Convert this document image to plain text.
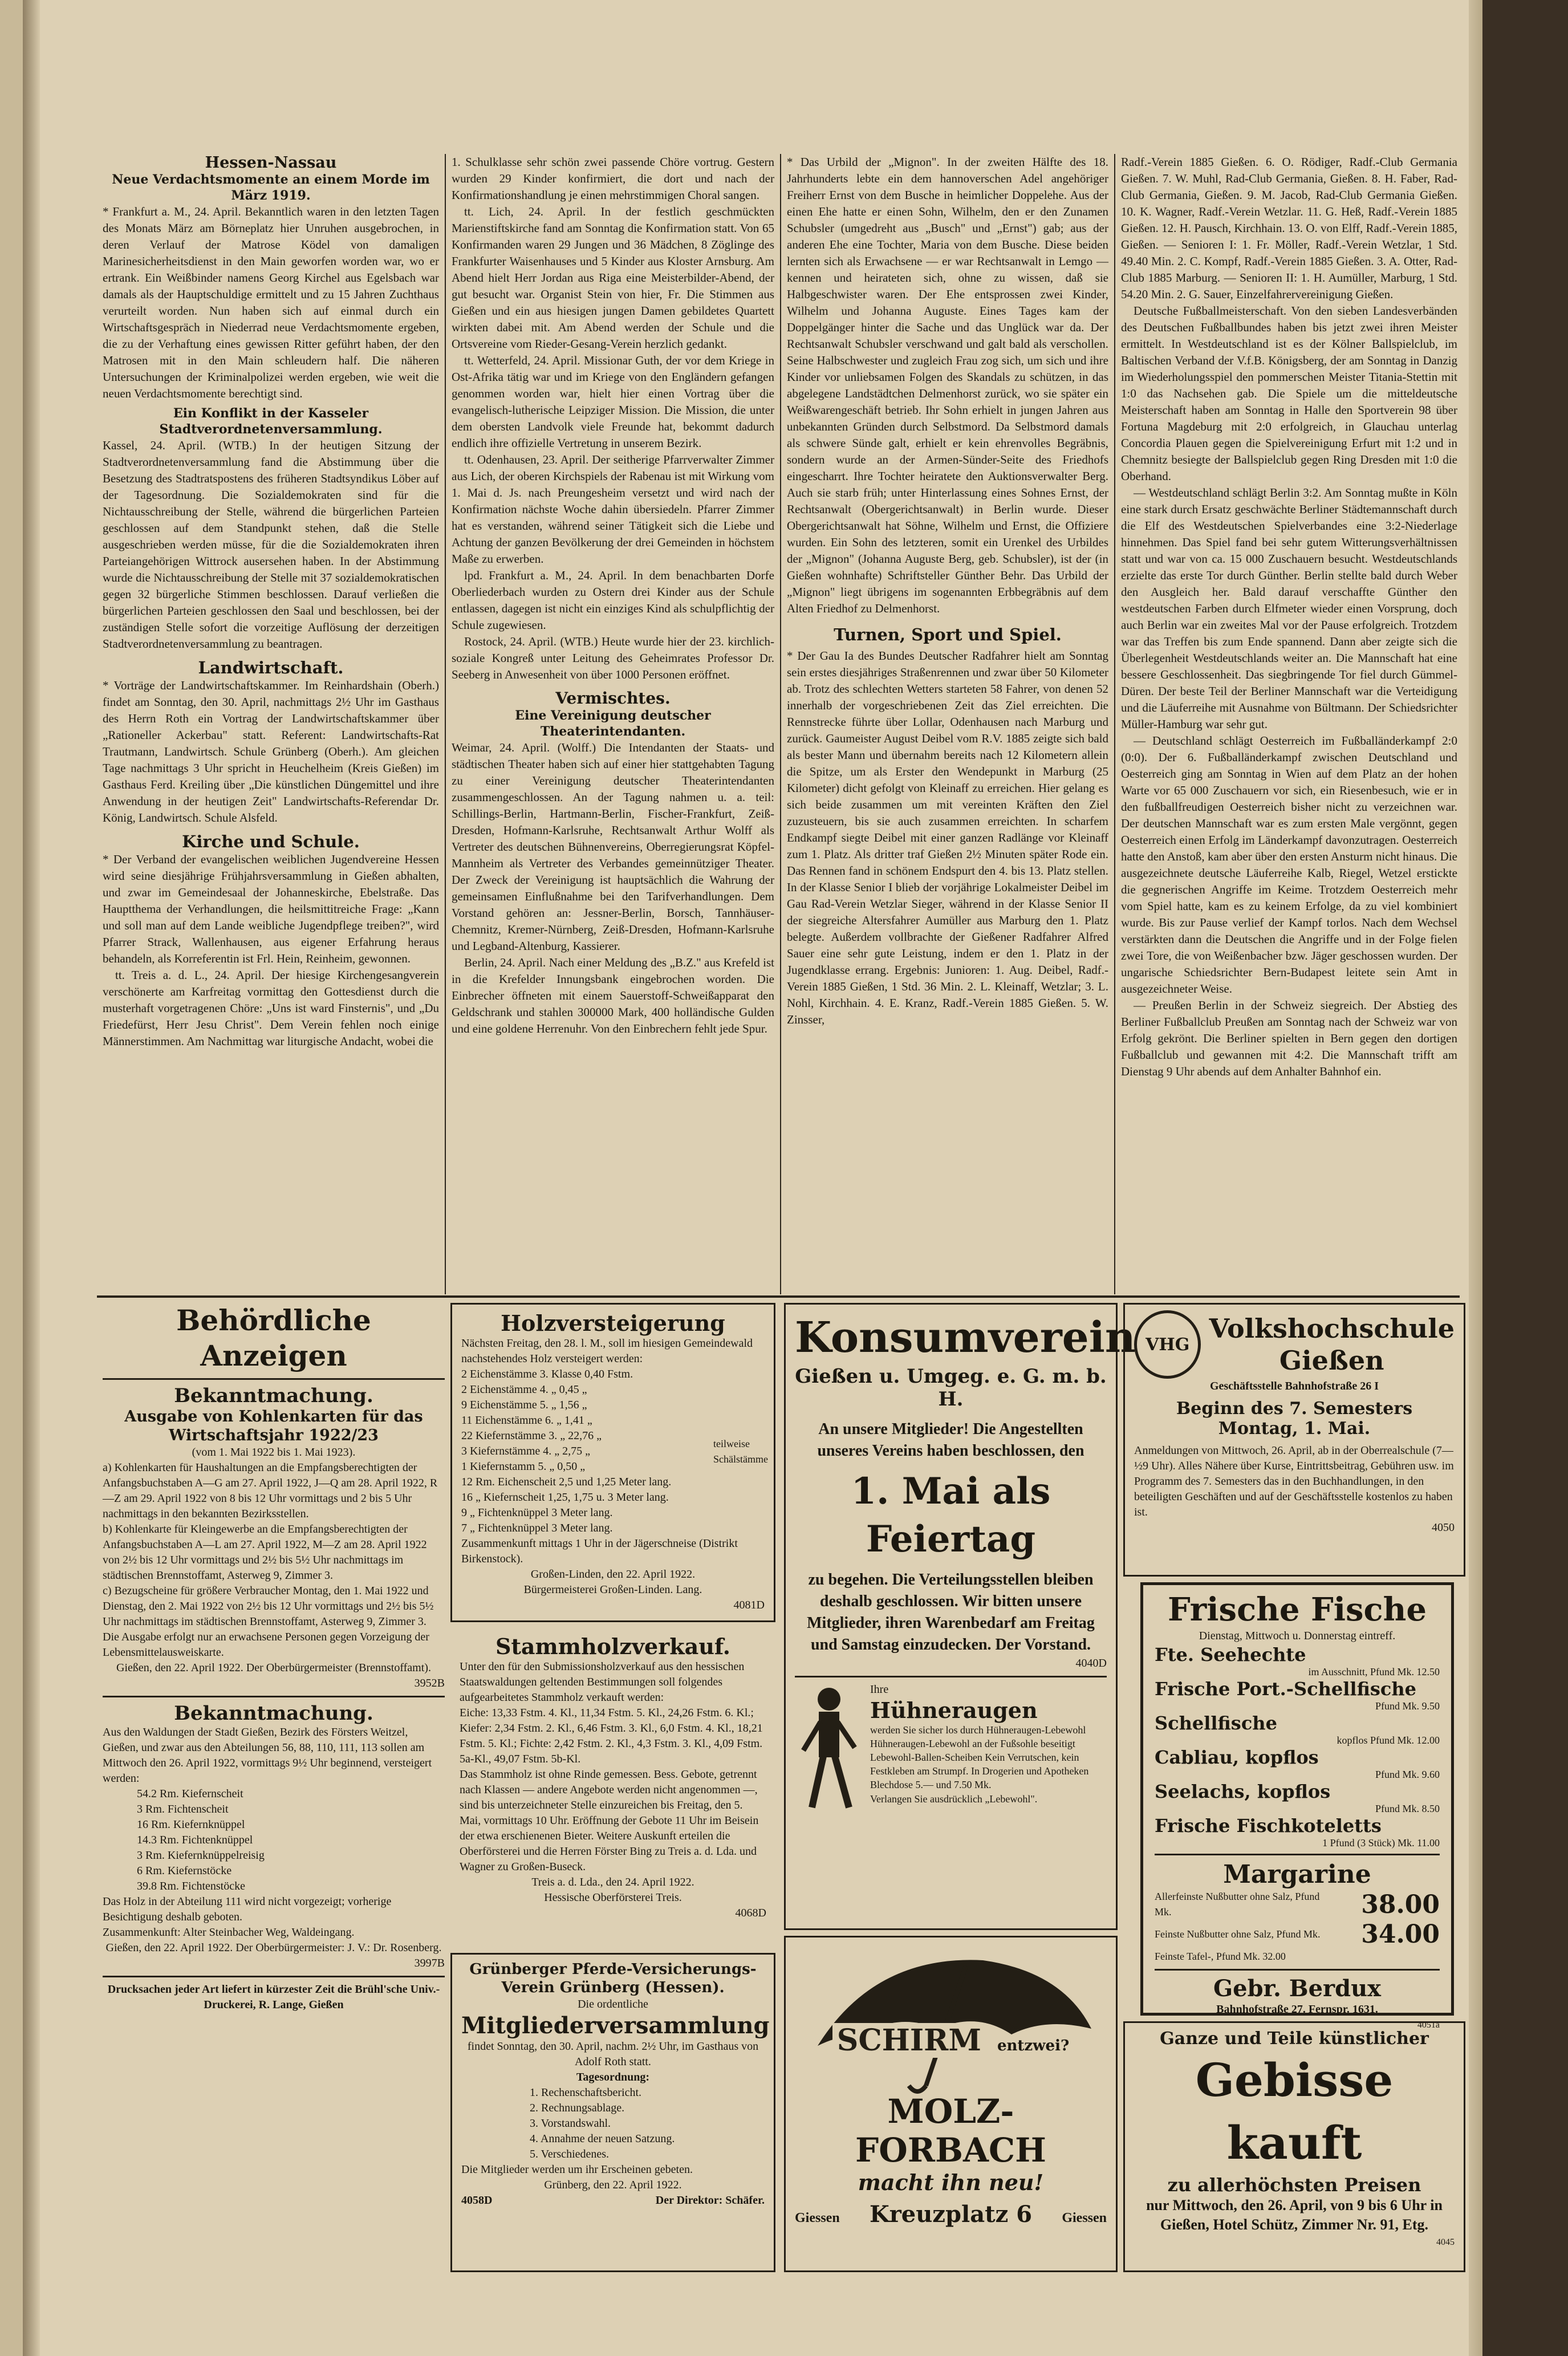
Hessen-Nassau
Neue Verdachtsmomente an einem Morde im März 1919.

* Frankfurt a. M., 24. April. Bekanntlich waren in den letzten Tagen des Monats März am Börneplatz hier Unruhen ausgebrochen, in deren Verlauf der Matrose Ködel von damaligen Marinesicherheitsdienst in den Main geworfen worden war, wo er ertrank. Ein Weißbinder namens Georg Kirchel aus Egelsbach war damals als der Hauptschuldige ermittelt und zu 15 Jahren Zuchthaus verurteilt worden. Nun haben sich auf einmal durch ein Wirtschaftsgespräch in Niederrad neue Verdachtsmomente ergeben, die zu der Verhaftung eines gewissen Ritter geführt haben, der den Matrosen mit in den Main schleudern half. Die näheren Untersuchungen der Kriminalpolizei werden ergeben, wie weit die neuen Verdachtsmomente berechtigt sind.

Ein Konflikt in der Kasseler Stadtverordnetenversammlung.

Kassel, 24. April. (WTB.) In der heutigen Sitzung der Stadtverordnetenversammlung fand die Abstimmung über die Besetzung des Stadtratspostens des früheren Stadtsyndikus Löber auf der Tagesordnung. Die Sozialdemokraten sind für die Nichtausschreibung der Stelle, während die bürgerlichen Parteien geschlossen auf dem Standpunkt stehen, daß die Stelle ausgeschrieben werden müsse, für die die Sozialdemokraten ihren Parteiangehörigen Wittrock ausersehen haben. In der Abstimmung wurde die Nichtausschreibung der Stelle mit 37 sozialdemokratischen gegen 32 bürgerliche Stimmen beschlossen. Darauf verließen die bürgerlichen Parteien geschlossen den Saal und beschlossen, bei der zuständigen Stelle sofort die vorzeitige Auflösung der derzeitigen Stadtverordnetenversammlung zu beantragen.

Landwirtschaft.

* Vorträge der Landwirtschaftskammer. Im Reinhardshain (Oberh.) findet am Sonntag, den 30. April, nachmittags 2½ Uhr im Gasthaus des Herrn Roth ein Vortrag der Landwirtschaftskammer über „Rationeller Ackerbau" statt. Referent: Landwirtschafts-Rat Trautmann, Landwirtsch. Schule Grünberg (Oberh.). Am gleichen Tage nachmittags 3 Uhr spricht in Heuchelheim (Kreis Gießen) im Gasthaus Ferd. Kreiling über „Die künstlichen Düngemittel und ihre Anwendung in der heutigen Zeit" Landwirtschafts-Referendar Dr. König, Landwirtsch. Schule Alsfeld.

Kirche und Schule.

* Der Verband der evangelischen weiblichen Jugendvereine Hessen wird seine diesjährige Frühjahrsversammlung in Gießen abhalten, und zwar im Gemeindesaal der Johanneskirche, Ebelstraße. Das Hauptthema der Verhandlungen, die heilsmittitreiche Frage: „Kann und soll man auf dem Lande weibliche Jugendpflege treiben?", wird Pfarrer Strack, Wallenhausen, aus eigener Erfahrung heraus behandeln, als Korreferentin ist Frl. Hein, Reinheim, gewonnen.

tt. Treis a. d. L., 24. April. Der hiesige Kirchengesangverein verschönerte am Karfreitag vormittag den Gottesdienst durch die musterhaft vorgetragenen Chöre: „Uns ist ward Finsternis", und „Du Friedefürst, Herr Jesu Christ". Dem Verein fehlen noch einige Männerstimmen. Am Nachmittag war liturgische Andacht, wobei die

1. Schulklasse sehr schön zwei passende Chöre vortrug. Gestern wurden 29 Kinder konfirmiert, die dort und nach der Konfirmationshandlung je einen mehrstimmigen Choral sangen.

tt. Lich, 24. April. In der festlich geschmückten Marienstiftskirche fand am Sonntag die Konfirmation statt. Von 65 Konfirmanden waren 29 Jungen und 36 Mädchen, 8 Zöglinge des Frankfurter Waisenhauses und 5 Kinder aus Kloster Arnsburg. Am Abend hielt Herr Jordan aus Riga eine Meisterbilder-Abend, der gut besucht war. Organist Stein von hier, Fr. Die Stimmen aus Gießen und ein aus hiesigen jungen Damen gebildetes Quartett wirkten dabei mit. Am Abend werden der Schule und die Ortsvereine vom Rieder-Gesang-Verein herzlich gedankt.

tt. Wetterfeld, 24. April. Missionar Guth, der vor dem Kriege in Ost-Afrika tätig war und im Kriege von den Engländern gefangen genommen worden war, hielt hier einen Vortrag über die evangelisch-lutherische Leipziger Mission. Die Mission, die unter dem obersten Landvolk viele Freunde hat, bekommt dadurch endlich ihre offizielle Vertretung in unserem Bezirk.

tt. Odenhausen, 23. April. Der seitherige Pfarrverwalter Zimmer aus Lich, der oberen Kirchspiels der Rabenau ist mit Wirkung vom 1. Mai d. Js. nach Preungesheim versetzt und wird nach der Konfirmation nächste Woche dahin übersiedeln. Pfarrer Zimmer hat es verstanden, während seiner Tätigkeit sich die Liebe und Achtung der ganzen Bevölkerung der drei Gemeinden in höchstem Maße zu erwerben.

lpd. Frankfurt a. M., 24. April. In dem benachbarten Dorfe Oberliederbach wurden zu Ostern drei Kinder aus der Schule entlassen, dagegen ist nicht ein einziges Kind als schulpflichtig der Schule zugewiesen.

Rostock, 24. April. (WTB.) Heute wurde hier der 23. kirchlich-soziale Kongreß unter Leitung des Geheimrates Professor Dr. Seeberg in Anwesenheit von über 1000 Personen eröffnet.

Vermischtes.
Eine Vereinigung deutscher Theaterintendanten.

Weimar, 24. April. (Wolff.) Die Intendanten der Staats- und städtischen Theater haben sich auf einer hier stattgehabten Tagung zu einer Vereinigung deutscher Theaterintendanten zusammengeschlossen. An der Tagung nahmen u. a. teil: Schillings-Berlin, Hartmann-Berlin, Fischer-Frankfurt, Zeiß-Dresden, Hofmann-Karlsruhe, Rechtsanwalt Arthur Wolff als Vertreter des deutschen Bühnenvereins, Oberregierungsrat Köpfel-Mannheim als Vertreter des Verbandes gemeinnütziger Theater. Der Zweck der Vereinigung ist hauptsächlich die Wahrung der gemeinsamen Einflußnahme bei den Tarifverhandlungen. Dem Vorstand gehören an: Jessner-Berlin, Borsch, Tannhäuser-Chemnitz, Kremer-Nürnberg, Zeiß-Dresden, Hofmann-Karlsruhe und Legband-Altenburg, Kassierer.

Berlin, 24. April. Nach einer Meldung des „B.Z." aus Krefeld ist in die Krefelder Innungsbank eingebrochen worden. Die Einbrecher öffneten mit einem Sauerstoff-Schweißapparat den Geldschrank und stahlen 300000 Mark, 400 holländische Gulden und eine goldene Herrenuhr. Von den Einbrechern fehlt jede Spur.

* Das Urbild der „Mignon". In der zweiten Hälfte des 18. Jahrhunderts lebte ein dem hannoverschen Adel angehöriger Freiherr Ernst von dem Busche in heimlicher Doppelehe. Aus der einen Ehe hatte er einen Sohn, Wilhelm, den er den Zunamen Schubsler (umgedreht aus „Busch" und „Ernst") gab; aus der anderen Ehe eine Tochter, Maria von dem Busche. Diese beiden lernten sich als Erwachsene — er war Rechtsanwalt in Lemgo — kennen und heirateten sich, ohne zu wissen, daß sie Halbgeschwister waren. Der Ehe entsprossen zwei Kinder, Wilhelm und Johanna Auguste. Eines Tages kam der Doppelgänger hinter die Sache und das Unglück war da. Der Rechtsanwalt Schubsler verschwand und galt bald als verschollen. Seine Halbschwester und zugleich Frau zog sich, um sich und ihre Kinder vor unliebsamen Folgen des Skandals zu schützen, in das abgelegene Landstädtchen Delmenhorst zurück, wo sie später ein Weißwarengeschäft betrieb. Ihr Sohn erhielt in jungen Jahren aus unbekannten Gründen durch Selbstmord. Da Selbstmord damals als schwere Sünde galt, erhielt er kein ehrenvolles Begräbnis, sondern wurde an der Armen-Sünder-Seite des Friedhofs eingescharrt. Ihre Tochter heiratete den Auktionsverwalter Berg. Auch sie starb früh; unter Hinterlassung eines Sohnes Ernst, der Rechtsanwalt (Obergerichtsanwalt) in Berlin wurde. Dieser Obergerichtsanwalt hat Söhne, Wilhelm und Ernst, die Offiziere wurden. Ein Sohn des letzteren, somit ein Urenkel des Urbildes der „Mignon" (Johanna Auguste Berg, geb. Schubsler), ist der (in Gießen wohnhafte) Schriftsteller Günther Behr. Das Urbild der „Mignon" liegt übrigens im sogenannten Erbbegräbnis auf dem Alten Friedhof zu Delmenhorst.

Turnen, Sport und Spiel.

* Der Gau Ia des Bundes Deutscher Radfahrer hielt am Sonntag sein erstes diesjähriges Straßenrennen und zwar über 50 Kilometer ab. Trotz des schlechten Wetters starteten 58 Fahrer, von denen 52 innerhalb der vorgeschriebenen Zeit das Ziel erreichten. Die Rennstrecke führte über Lollar, Odenhausen nach Marburg und zurück. Gaumeister August Deibel vom R.V. 1885 zeigte sich bald als bester Mann und übernahm bereits nach 12 Kilometern allein die Spitze, um als Erster den Wendepunkt in Marburg (25 Kilometer) dicht gefolgt von Kleinaff zu erreichen. Hier gelang es sich beide zusammen um mit vereinten Kräften den Ziel zuzusteuern, bis sie auch zusammen erreichten. In scharfem Endkampf siegte Deibel mit einer ganzen Radlänge vor Kleinaff zum 1. Platz. Als dritter traf Gießen 2½ Minuten später Rode ein. Das Rennen fand in schönem Endspurt den 4. bis 13. Platz stellen. In der Klasse Senior I blieb der vorjährige Lokalmeister Deibel im Gau Rad-Verein Wetzlar Sieger, während in der Klasse Senior II der siegreiche Altersfahrer Aumüller aus Marburg den 1. Platz belegte. Außerdem vollbrachte der Gießener Radfahrer Alfred Sauer eine sehr gute Leistung, indem er den 1. Platz in der Jugendklasse errang. Ergebnis: Junioren: 1. Aug. Deibel, Radf.-Verein 1885 Gießen, 1 Std. 36 Min. 2. L. Kleinaff, Wetzlar; 3. L. Nohl, Kirchhain. 4. E. Kranz, Radf.-Verein 1885 Gießen. 5. W. Zinsser,

Radf.-Verein 1885 Gießen. 6. O. Rödiger, Radf.-Club Germania Gießen. 7. W. Muhl, Rad-Club Germania, Gießen. 8. H. Faber, Rad-Club Germania, Gießen. 9. M. Jacob, Rad-Club Germania Gießen. 10. K. Wagner, Radf.-Verein Wetzlar. 11. G. Heß, Radf.-Verein 1885 Gießen. 12. H. Pausch, Kirchhain. 13. O. von Elff, Radf.-Verein 1885, Gießen. — Senioren I: 1. Fr. Möller, Radf.-Verein Wetzlar, 1 Std. 49.40 Min. 2. C. Kompf, Radf.-Verein 1885 Gießen. 3. A. Otter, Rad-Club 1885 Marburg. — Senioren II: 1. H. Aumüller, Marburg, 1 Std. 54.20 Min. 2. G. Sauer, Einzelfahrervereinigung Gießen.

Deutsche Fußballmeisterschaft. Von den sieben Landesverbänden des Deutschen Fußballbundes haben bis jetzt zwei ihren Meister ermittelt. In Westdeutschland ist es der Kölner Ballspielclub, im Baltischen Verband der V.f.B. Königsberg, der am Sonntag in Danzig im Wiederholungsspiel den pommerschen Meister Titania-Stettin mit 1:0 das Nachsehen gab. Die Spiele um die mitteldeutsche Meisterschaft haben am Sonntag in Halle den Sportverein 98 über Fortuna Magdeburg mit 2:0 erfolgreich, in Glauchau unterlag Concordia Plauen gegen die Spielvereinigung Erfurt mit 1:2 und in Chemnitz besiegte der Ballspielclub gegen Ring Dresden mit 1:0 die Oberhand.

— Westdeutschland schlägt Berlin 3:2. Am Sonntag mußte in Köln eine stark durch Ersatz geschwächte Berliner Städtemannschaft durch die Elf des Westdeutschen Spielverbandes eine 3:2-Niederlage hinnehmen. Das Spiel fand bei sehr gutem Witterungsverhältnissen statt und war von ca. 15 000 Zuschauern besucht. Westdeutschlands erzielte das erste Tor durch Günther. Berlin stellte bald durch Weber den Ausgleich her. Bald darauf verschaffte Günther den westdeutschen Farben durch Elfmeter wieder einen Vorsprung, doch auch Berlin war ein zweites Mal vor der Pause erfolgreich. Trotzdem war das Treffen bis zum Ende spannend. Dann aber zeigte sich die Überlegenheit Westdeutschlands weiter an. Die Mannschaft hat eine bessere Geschlossenheit. Das siegbringende Tor fiel durch Gümmel-Düren. Der beste Teil der Berliner Mannschaft war die Verteidigung und die Läuferreihe mit Ausnahme von Bültmann. Der Schiedsrichter Müller-Hamburg war sehr gut.

— Deutschland schlägt Oesterreich im Fußballänderkampf 2:0 (0:0). Der 6. Fußballänderkampf zwischen Deutschland und Oesterreich ging am Sonntag in Wien auf dem Platz an der hohen Warte vor 65 000 Zuschauern vor sich, ein Riesenbesuch, wie er in den fußballfreudigen Oesterreich bisher nicht zu verzeichnen war. Der deutschen Mannschaft war es zum ersten Male vergönnt, gegen Oesterreich einen Erfolg im Länderkampf davonzutragen. Oesterreich hatte den Anstoß, kam aber über den ersten Ansturm nicht hinaus. Die ausgezeichnete deutsche Läuferreihe Kalb, Riegel, Wetzel erstickte die gegnerischen Angriffe im Keime. Trotzdem Oesterreich mehr vom Spiel hatte, kam es zu keinem Erfolge, da zu viel kombiniert wurde. Bis zur Pause verlief der Kampf torlos. Nach dem Wechsel verstärkten dann die Deutschen die Angriffe und in der Folge fielen zwei Tore, die von Weißenbacher bzw. Jäger geschossen wurden. Der ungarische Schiedsrichter Bern-Budapest leitete sein Amt in ausgezeichneter Weise.

— Preußen Berlin in der Schweiz siegreich. Der Abstieg des Berliner Fußballclub Preußen am Sonntag nach der Schweiz war von Erfolg gekrönt. Die Berliner spielten in Bern gegen den dortigen Fußballclub und gewannen mit 4:2. Die Mannschaft trifft am Dienstag 9 Uhr abends auf dem Anhalter Bahnhof ein.

Behördliche Anzeigen
Bekanntmachung.
Ausgabe von Kohlenkarten für das Wirtschaftsjahr 1922/23
(vom 1. Mai 1922 bis 1. Mai 1923).

a) Kohlenkarten für Haushaltungen an die Empfangsberechtigten der Anfangsbuchstaben A—G am 27. April 1922, J—Q am 28. April 1922, R—Z am 29. April 1922 von 8 bis 12 Uhr vormittags und 2 bis 5 Uhr nachmittags in den bekannten Bezirksstellen.

b) Kohlenkarte für Kleingewerbe an die Empfangsberechtigten der Anfangsbuchstaben A—L am 27. April 1922, M—Z am 28. April 1922 von 2½ bis 12 Uhr vormittags und 2½ bis 5½ Uhr nachmittags im städtischen Brennstoffamt, Asterweg 9, Zimmer 3.

c) Bezugscheine für größere Verbraucher Montag, den 1. Mai 1922 und Dienstag, den 2. Mai 1922 von 2½ bis 12 Uhr vormittags und 2½ bis 5½ Uhr nachmittags im städtischen Brennstoffamt, Asterweg 9, Zimmer 3.

Die Ausgabe erfolgt nur an erwachsene Personen gegen Vorzeigung der Lebensmittelausweiskarte.

Gießen, den 22. April 1922. Der Oberbürgermeister (Brennstoffamt).

3952B
Bekanntmachung.

Aus den Waldungen der Stadt Gießen, Bezirk des Försters Weitzel, Gießen, und zwar aus den Abteilungen 56, 88, 110, 111, 113 sollen am Mittwoch den 26. April 1922, vormittags 9½ Uhr beginnend, versteigert werden:

54.2 Rm. Kiefernscheit
3 Rm. Fichtenscheit
16 Rm. Kiefernknüppel
14.3 Rm. Fichtenknüppel
3 Rm. Kiefernknüppelreisig
6 Rm. Kiefernstöcke
39.8 Rm. Fichtenstöcke

Das Holz in der Abteilung 111 wird nicht vorgezeigt; vorherige Besichtigung deshalb geboten.

Zusammenkunft: Alter Steinbacher Weg, Waldeingang.

Gießen, den 22. April 1922. Der Oberbürgermeister: J. V.: Dr. Rosenberg.

3997B
Drucksachen jeder Art liefert in kürzester Zeit die Brühl'sche Univ.-Druckerei, R. Lange, Gießen
Holzversteigerung

Nächsten Freitag, den 28. l. M., soll im hiesigen Gemeindewald nachstehendes Holz versteigert werden:

2 Eichenstämme 3. Klasse 0,40 Fstm.
2 Eichenstämme 4. „ 0,45 „
9 Eichenstämme 5. „ 1,56 „
11 Eichenstämme 6. „ 1,41 „
22 Kiefernstämme 3. „ 22,76 „
3 Kiefernstämme 4. „ 2,75 „
1 Kiefernstamm 5. „ 0,50 „
12 Rm. Eichenscheit 2,5 und 1,25 Meter lang.
16 „ Kiefernscheit 1,25, 1,75 u. 3 Meter lang.
9 „ Fichtenknüppel 3 Meter lang.
7 „ Fichtenknüppel 3 Meter lang.
teilweise Schälstämme

Zusammenkunft mittags 1 Uhr in der Jägerschneise (Distrikt Birkenstock).

Großen-Linden, den 22. April 1922.

Bürgermeisterei Großen-Linden. Lang.

4081D
Stammholzverkauf.

Unter den für den Submissionsholzverkauf aus den hessischen Staatswaldungen geltenden Bestimmungen soll folgendes aufgearbeitetes Stammholz verkauft werden:

Eiche: 13,33 Fstm. 4. Kl., 11,34 Fstm. 5. Kl., 24,26 Fstm. 6. Kl.; Kiefer: 2,34 Fstm. 2. Kl., 6,46 Fstm. 3. Kl., 6,0 Fstm. 4. Kl., 18,21 Fstm. 5. Kl.; Fichte: 2,42 Fstm. 2. Kl., 4,3 Fstm. 3. Kl., 4,09 Fstm. 5a-Kl., 49,07 Fstm. 5b-Kl.

Das Stammholz ist ohne Rinde gemessen. Bess. Gebote, getrennt nach Klassen — andere Angebote werden nicht angenommen —, sind bis unterzeichneter Stelle einzureichen bis Freitag, den 5. Mai, vormittags 10 Uhr. Eröffnung der Gebote 11 Uhr im Beisein der etwa erschienenen Bieter. Weitere Auskunft erteilen die Oberförsterei und die Herren Förster Bing zu Treis a. d. Lda. und Wagner zu Großen-Buseck.

Treis a. d. Lda., den 24. April 1922.

Hessische Oberförsterei Treis.

4068D
Grünberger Pferde-Versicherungs-Verein Grünberg (Hessen).
Die ordentliche
Mitgliederversammlung

findet Sonntag, den 30. April, nachm. 2½ Uhr, im Gasthaus von Adolf Roth statt.

Tagesordnung:
1. Rechenschaftsbericht.
2. Rechnungsablage.
3. Vorstandswahl.
4. Annahme der neuen Satzung.
5. Verschiedenes.

Die Mitglieder werden um ihr Erscheinen gebeten.

Grünberg, den 22. April 1922.

4058D	Der Direktor: Schäfer.
Konsumverein
Gießen u. Umgeg. e. G. m. b. H.

An unsere Mitglieder! Die Angestellten unseres Vereins haben beschlossen, den

1. Mai als Feiertag

zu begehen. Die Verteilungsstellen bleiben deshalb geschlossen. Wir bitten unsere Mitglieder, ihren Warenbedarf am Freitag und Samstag einzudecken. Der Vorstand.

4040D
Ihre
Hühneraugen

werden Sie sicher los durch Hühneraugen-Lebewohl Hühneraugen-Lebewohl an der Fußsohle beseitigt Lebewohl-Ballen-Scheiben Kein Verrutschen, kein Festkleben am Strumpf. In Drogerien und Apotheken Blechdose 5.— und 7.50 Mk.

Verlangen Sie ausdrücklich „Lebewohl".

SCHIRM	entzwei?
MOLZ-FORBACH
macht ihn neu!
Giessen Kreuzplatz 6 Giessen
VHG
Volkshochschule Gießen
Geschäftsstelle Bahnhofstraße 26 I
Beginn des 7. Semesters Montag, 1. Mai.

Anmeldungen von Mittwoch, 26. April, ab in der Oberrealschule (7—½9 Uhr). Alles Nähere über Kurse, Eintrittsbeitrag, Gebühren usw. im Programm des 7. Semesters das in den Buchhandlungen, in den beteiligten Geschäften und auf der Geschäftsstelle kostenlos zu haben ist.

4050
Frische Fische
Dienstag, Mittwoch u. Donnerstag eintreff.
Fte. Seehechte
im Ausschnitt, Pfund Mk. 12.50
Frische Port.-Schellfische
Pfund Mk. 9.50
Schellfische
kopflos Pfund Mk. 12.00
Cabliau, kopflos
Pfund Mk. 9.60
Seelachs, kopflos
Pfund Mk. 8.50
Frische Fischkoteletts
1 Pfund (3 Stück) Mk. 11.00
Margarine
Allerfeinste Nußbutter ohne Salz, Pfund Mk.	38.00
Feinste Nußbutter ohne Salz, Pfund Mk. 34.00
Feinste Tafel-, Pfund Mk. 32.00
Gebr. Berdux
Bahnhofstraße 27. Fernspr. 1631.
4051a
Ganze und Teile künstlicher
Gebisse kauft
zu allerhöchsten Preisen

nur Mittwoch, den 26. April, von 9 bis 6 Uhr in Gießen, Hotel Schütz, Zimmer Nr. 91, Etg.

4045
